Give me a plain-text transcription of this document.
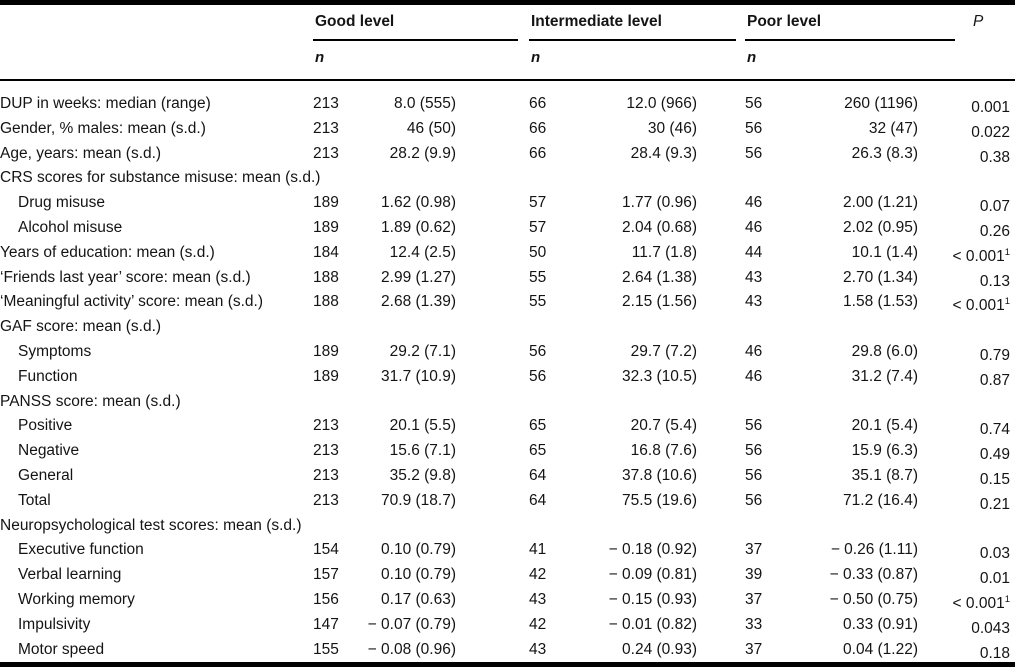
Good level	Intermediate level	Poor level	P
n	n	n
DUP in weeks: median (range)	213	8.0 (555)	66	12.0 (966)	56	260 (1196)	0.001
Gender, % males: mean (s.d.)	213	46 (50)	66	30 (46)	56	32 (47)	0.022
Age, years: mean (s.d.)	213	28.2 (9.9)	66	28.4 (9.3)	56	26.3 (8.3)	0.38
CRS scores for substance misuse: mean (s.d.)
Drug misuse	189	1.62 (0.98)	57	1.77 (0.96)	46	2.00 (1.21)	0.07
Alcohol misuse	189	1.89 (0.62)	57	2.04 (0.68)	46	2.02 (0.95)	0.26
Years of education: mean (s.d.)	184	12.4 (2.5)	50	11.7 (1.8)	44	10.1 (1.4)	< $0.001^1$
‘Friends last year’ score: mean (s.d.)	188	2.99 (1.27)	55	2.64 (1.38)	43	2.70 (1.34)	0.13
‘Meaningful activity’ score: mean (s.d.)	188	2.68 (1.39)	55	2.15 (1.56)	43	1.58 (1.53)	< $0.001^1$
GAF score: mean (s.d.)
Symptoms	189	29.2 (7.1)	56	29.7 (7.2)	46	29.8 (6.0)	0.79
Function	189	31.7 (10.9)	56	32.3 (10.5)	46	31.2 (7.4)	0.87
PANSS score: mean (s.d.)
Positive	213	20.1 (5.5)	65	20.7 (5.4)	56	20.1 (5.4)	0.74
Negative	213	15.6 (7.1)	65	16.8 (7.6)	56	15.9 (6.3)	0.49
General	213	35.2 (9.8)	64	37.8 (10.6)	56	35.1 (8.7)	0.15
Total	213	70.9 (18.7)	64	75.5 (19.6)	56	71.2 (16.4)	0.21
Neuropsychological test scores: mean (s.d.)
Executive function	154	0.10 (0.79)	41	− 0.18 (0.92)	37	− 0.26 (1.11)	0.03
Verbal learning	157	0.10 (0.79)	42	− 0.09 (0.81)	39	− 0.33 (0.87)	0.01
Working memory	156	0.17 (0.63)	43	− 0.15 (0.93)	37	− 0.50 (0.75)	< $0.001^1$
Impulsivity	147	− 0.07 (0.79)	42	− 0.01 (0.82)	33	0.33 (0.91)	0.043
Motor speed	155	− 0.08 (0.96)	43	0.24 (0.93)	37	0.04 (1.22)	0.18
